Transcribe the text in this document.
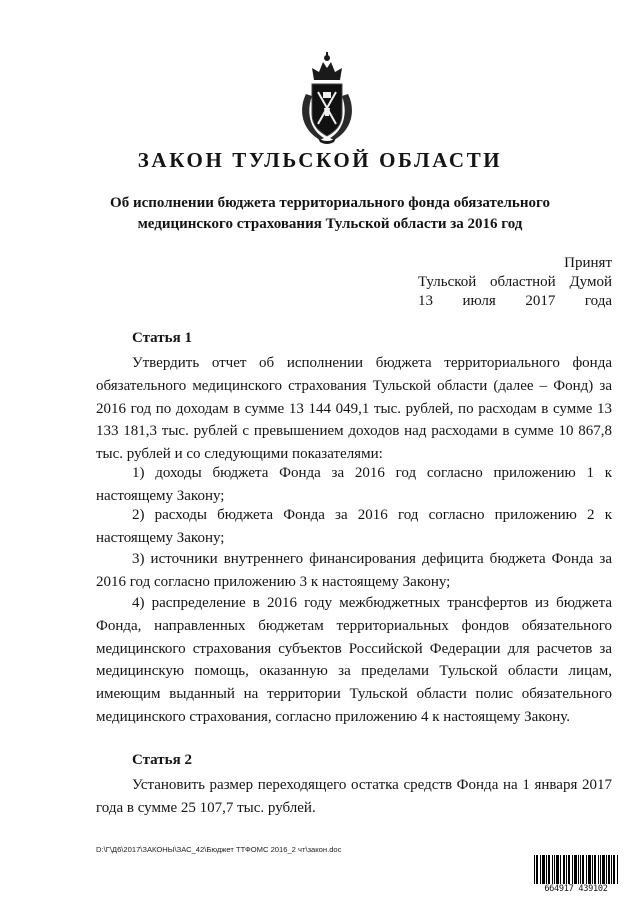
ЗАКОН ТУЛЬСКОЙ ОБЛАСТИ
Об исполнении бюджета территориального фонда обязательного
медицинского страхования Тульской области за 2016 год
Принят
Тульской областной Думой
13 июля 2017 года
Статья 1

Утвердить отчет об исполнении бюджета территориального фонда обязательного медицинского страхования Тульской области (далее – Фонд) за 2016 год по доходам в сумме 13 144 049,1 тыс. рублей, по расходам в сумме 13 133 181,3 тыс. рублей с превышением доходов над расходами в сумме 10 867,8 тыс. рублей и со следующими показателями:

1) доходы бюджета Фонда за 2016 год согласно приложению 1 к настоящему Закону;

2) расходы бюджета Фонда за 2016 год согласно приложению 2 к настоящему Закону;

3) источники внутреннего финансирования дефицита бюджета Фонда за 2016 год согласно приложению 3 к настоящему Закону;

4) распределение в 2016 году межбюджетных трансфертов из бюджета Фонда, направленных бюджетам территориальных фондов обязательного медицинского страхования субъектов Российской Федерации для расчетов за медицинскую помощь, оказанную за пределами Тульской области лицам, имеющим выданный на территории Тульской области полис обязательного медицинского страхования, согласно приложению 4 к настоящему Закону.

Статья 2

Установить размер переходящего остатка средств Фонда на 1 января 2017 года в сумме 25 107,7 тыс. рублей.

D:\Г\Д6\2017\ЗАКОНЫ\ЗАС_42\Бюджет ТТФОМС 2016_2 чт\закон.doc
664917 439102
